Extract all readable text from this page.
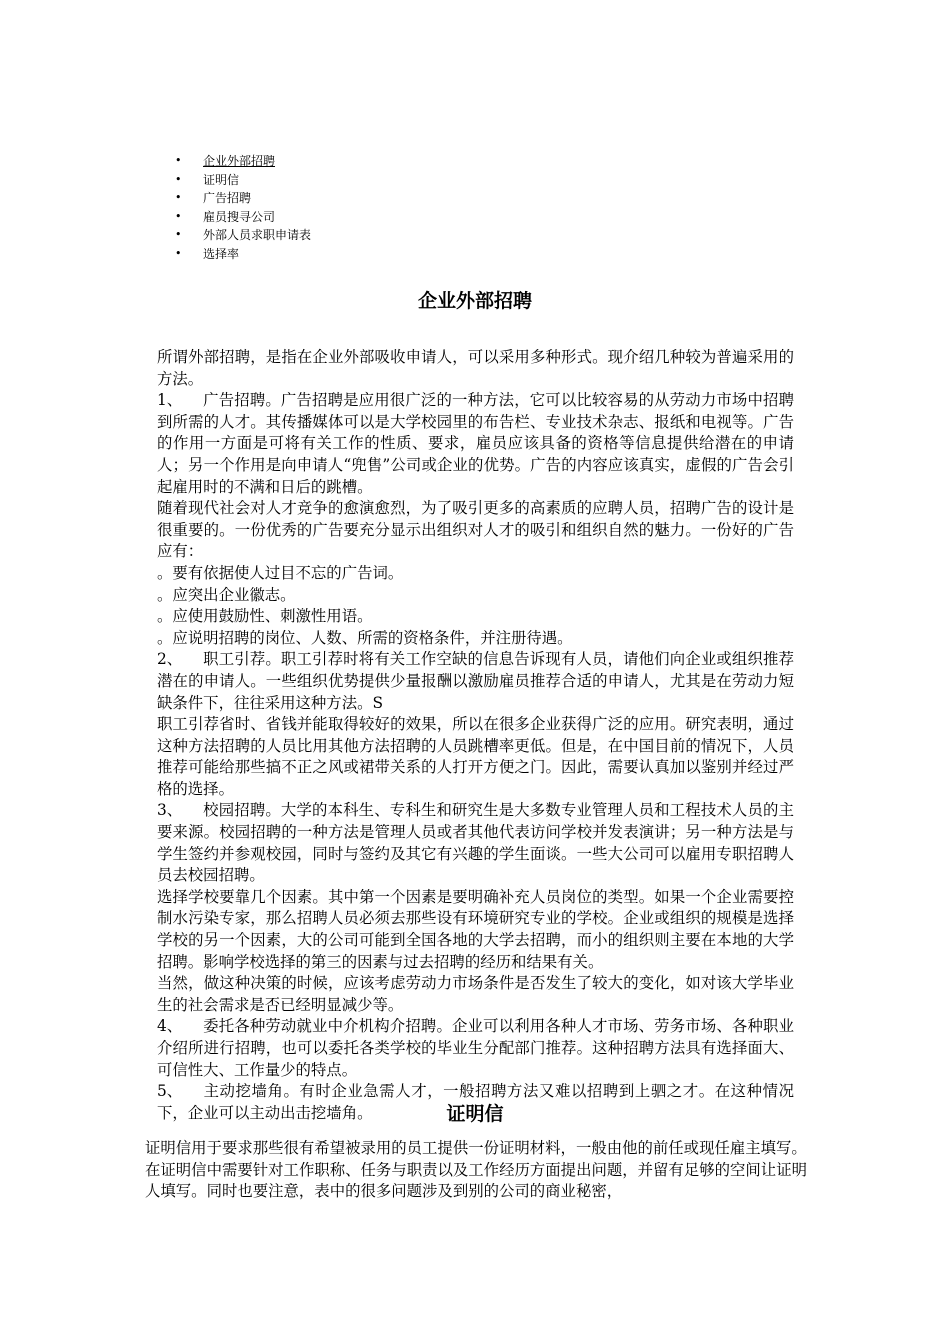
• 企业外部招聘
• 证明信
• 广告招聘
• 雇员搜寻公司
• 外部人员求职申请表
• 选择率
企业外部招聘

所谓外部招聘，是指在企业外部吸收申请人，可以采用多种形式。现介绍几种较为普遍采用的方法。

1、 广告招聘。广告招聘是应用很广泛的一种方法，它可以比较容易的从劳动力市场中招聘到所需的人才。其传播媒体可以是大学校园里的布告栏、专业技术杂志、报纸和电视等。广告的作用一方面是可将有关工作的性质、要求，雇员应该具备的资格等信息提供给潜在的申请人；另一个作用是向申请人“兜售”公司或企业的优势。广告的内容应该真实，虚假的广告会引起雇用时的不满和日后的跳槽。

随着现代社会对人才竞争的愈演愈烈，为了吸引更多的高素质的应聘人员，招聘广告的设计是很重要的。一份优秀的广告要充分显示出组织对人才的吸引和组织自然的魅力。一份好的广告应有：

。要有依据使人过目不忘的广告词。

。应突出企业徽志。

。应使用鼓励性、刺激性用语。

。应说明招聘的岗位、人数、所需的资格条件，并注册待遇。

2、 职工引荐。职工引荐时将有关工作空缺的信息告诉现有人员，请他们向企业或组织推荐潜在的申请人。一些组织优势提供少量报酬以激励雇员推荐合适的申请人，尤其是在劳动力短缺条件下，往往采用这种方法。S

职工引荐省时、省钱并能取得较好的效果，所以在很多企业获得广泛的应用。研究表明，通过这种方法招聘的人员比用其他方法招聘的人员跳槽率更低。但是，在中国目前的情况下，人员推荐可能给那些搞不正之风或裙带关系的人打开方便之门。因此，需要认真加以鉴别并经过严格的选择。

3、 校园招聘。大学的本科生、专科生和研究生是大多数专业管理人员和工程技术人员的主要来源。校园招聘的一种方法是管理人员或者其他代表访问学校并发表演讲；另一种方法是与学生签约并参观校园，同时与签约及其它有兴趣的学生面谈。一些大公司可以雇用专职招聘人员去校园招聘。

选择学校要靠几个因素。其中第一个因素是要明确补充人员岗位的类型。如果一个企业需要控制水污染专家，那么招聘人员必须去那些设有环境研究专业的学校。企业或组织的规模是选择学校的另一个因素，大的公司可能到全国各地的大学去招聘，而小的组织则主要在本地的大学招聘。影响学校选择的第三的因素与过去招聘的经历和结果有关。

当然，做这种决策的时候，应该考虑劳动力市场条件是否发生了较大的变化，如对该大学毕业生的社会需求是否已经明显减少等。

4、 委托各种劳动就业中介机构介招聘。企业可以利用各种人才市场、劳务市场、各种职业介绍所进行招聘，也可以委托各类学校的毕业生分配部门推荐。这种招聘方法具有选择面大、可信性大、工作量少的特点。

5、 主动挖墙角。有时企业急需人才，一般招聘方法又难以招聘到上驷之才。在这种情况下，企业可以主动出击挖墙角。	证明信

证明信用于要求那些很有希望被录用的员工提供一份证明材料，一般由他的前任或现任雇主填写。

在证明信中需要针对工作职称、任务与职责以及工作经历方面提出问题，并留有足够的空间让证明人填写。同时也要注意，表中的很多问题涉及到别的公司的商业秘密，
